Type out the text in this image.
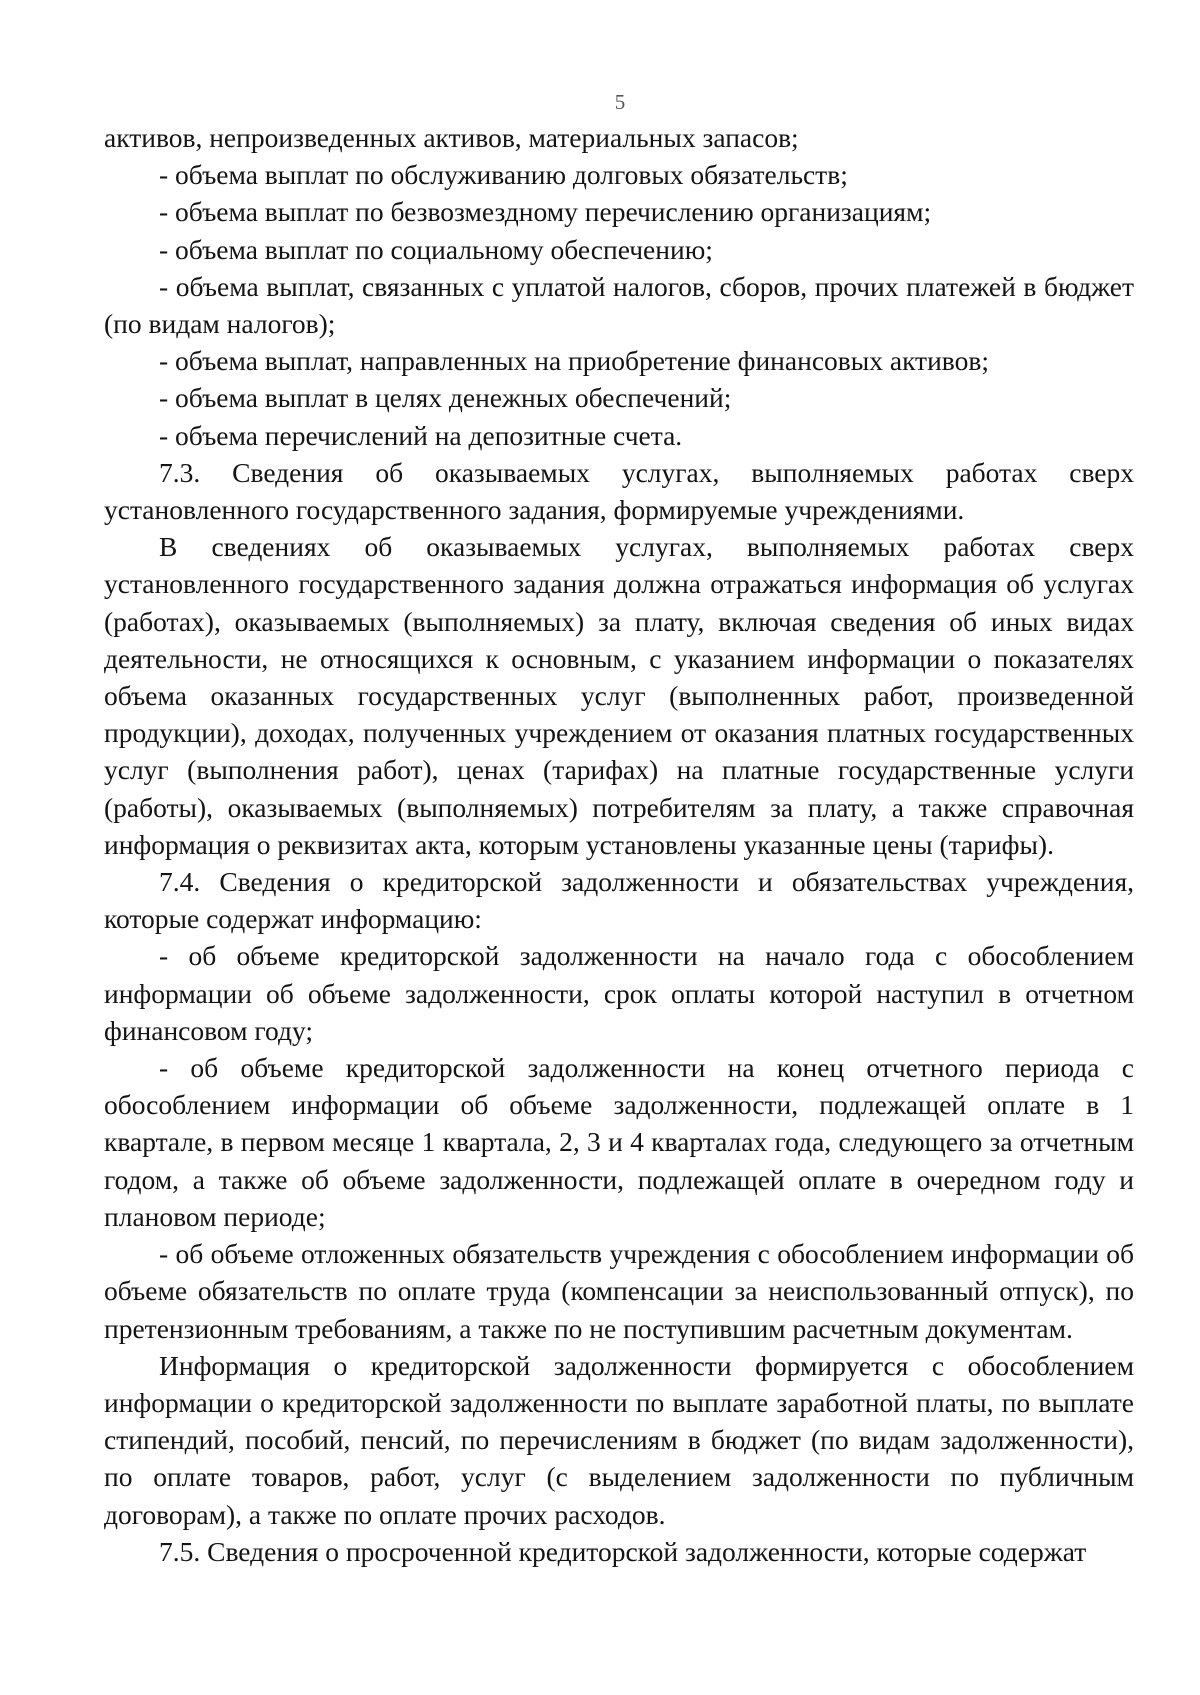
5

активов, непроизведенных активов, материальных запасов;

- объема выплат по обслуживанию долговых обязательств;

- объема выплат по безвозмездному перечислению организациям;

- объема выплат по социальному обеспечению;

- объема выплат, связанных с уплатой налогов, сборов, прочих платежей в бюджет (по видам налогов);

- объема выплат, направленных на приобретение финансовых активов;

- объема выплат в целях денежных обеспечений;

- объема перечислений на депозитные счета.

7.3. Сведения об оказываемых услугах, выполняемых работах сверх установленного государственного задания, формируемые учреждениями.

В сведениях об оказываемых услугах, выполняемых работах сверх установленного государственного задания должна отражаться информация об услугах (работах), оказываемых (выполняемых) за плату, включая сведения об иных видах деятельности, не относящихся к основным, с указанием информации о показателях объема оказанных государственных услуг (выполненных работ, произведенной продукции), доходах, полученных учреждением от оказания платных государственных услуг (выполнения работ), ценах (тарифах) на платные государственные услуги (работы), оказываемых (выполняемых) потребителям за плату, а также справочная информация о реквизитах акта, которым установлены указанные цены (тарифы).

7.4. Сведения о кредиторской задолженности и обязательствах учреждения, которые содержат информацию:

- об объеме кредиторской задолженности на начало года с обособлением информации об объеме задолженности, срок оплаты которой наступил в отчетном финансовом году;

- об объеме кредиторской задолженности на конец отчетного периода с обособлением информации об объеме задолженности, подлежащей оплате в 1 квартале, в первом месяце 1 квартала, 2, 3 и 4 кварталах года, следующего за отчетным годом, а также об объеме задолженности, подлежащей оплате в очередном году и плановом периоде;

- об объеме отложенных обязательств учреждения с обособлением информации об объеме обязательств по оплате труда (компенсации за неиспользованный отпуск), по претензионным требованиям, а также по не поступившим расчетным документам.

Информация о кредиторской задолженности формируется с обособлением информации о кредиторской задолженности по выплате заработной платы, по выплате стипендий, пособий, пенсий, по перечислениям в бюджет (по видам задолженности), по оплате товаров, работ, услуг (с выделением задолженности по публичным договорам), а также по оплате прочих расходов.

7.5. Сведения о просроченной кредиторской задолженности, которые содержат
